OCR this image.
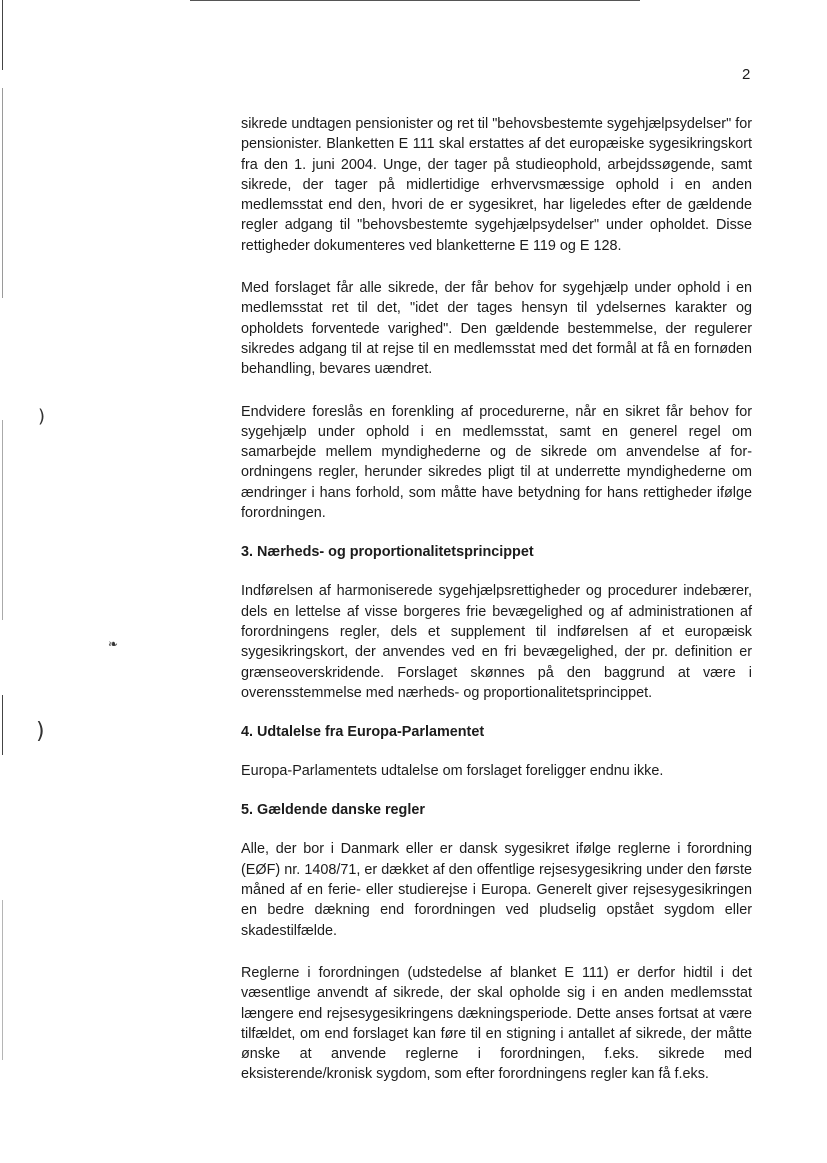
)
)
❧
2

sikrede undtagen pensionister og ret til "behovsbestemte sygehjælpsydelser" for pensionister. Blanketten E 111 skal erstattes af det europæiske sygesikringskort fra den 1. juni 2004. Unge, der tager på studieophold, arbejdssøgende, samt sikrede, der tager på midlertidige erhvervsmæssige ophold i en anden medlemsstat end den, hvori de er sygesikret, har ligeledes efter de gældende regler adgang til "behovsbestemte sygehjælpsydelser" under opholdet. Disse rettigheder dokumenteres ved blanketterne E 119 og E 128.

Med forslaget får alle sikrede, der får behov for sygehjælp under ophold i en medlemsstat ret til det, "idet der tages hensyn til ydelsernes karakter og opholdets forventede varighed". Den gældende bestemmelse, der regulerer sikredes adgang til at rejse til en medlemsstat med det formål at få en fornøden behandling, bevares uændret.

Endvidere foreslås en forenkling af procedurerne, når en sikret får behov for sygehjælp under ophold i en medlemsstat, samt en generel regel om samarbejde mellem myndighederne og de sikrede om anvendelse af forordningens regler, herunder sikredes pligt til at underrette myndighederne om ændringer i hans forhold, som måtte have betydning for hans rettigheder ifølge forordningen.

3. Nærheds- og proportionalitetsprincippet

Indførelsen af harmoniserede sygehjælpsrettigheder og procedurer indebærer, dels en lettelse af visse borgeres frie bevægelighed og af administrationen af forordningens regler, dels et supplement til indførelsen af et europæisk sygesikringskort, der anvendes ved en fri bevægelighed, der pr. definition er grænseoverskridende. Forslaget skønnes på den baggrund at være i overensstemmelse med nærheds- og proportionalitetsprincippet.

4. Udtalelse fra Europa-Parlamentet

Europa-Parlamentets udtalelse om forslaget foreligger endnu ikke.

5. Gældende danske regler

Alle, der bor i Danmark eller er dansk sygesikret ifølge reglerne i forordning (EØF) nr. 1408/71, er dækket af den offentlige rejsesygesikring under den første måned af en ferie- eller studierejse i Europa. Generelt giver rejsesygesikringen en bedre dækning end forordningen ved pludselig opstået sygdom eller skadestilfælde.

Reglerne i forordningen (udstedelse af blanket E 111) er derfor hidtil i det væsentlige anvendt af sikrede, der skal opholde sig i en anden medlemsstat længere end rejsesygesikringens dækningsperiode. Dette anses fortsat at være tilfældet, om end forslaget kan føre til en stigning i antallet af sikrede, der måtte ønske at anvende reglerne i forordningen, f.eks. sikrede med eksisterende/kronisk sygdom, som efter forordningens regler kan få f.eks.
